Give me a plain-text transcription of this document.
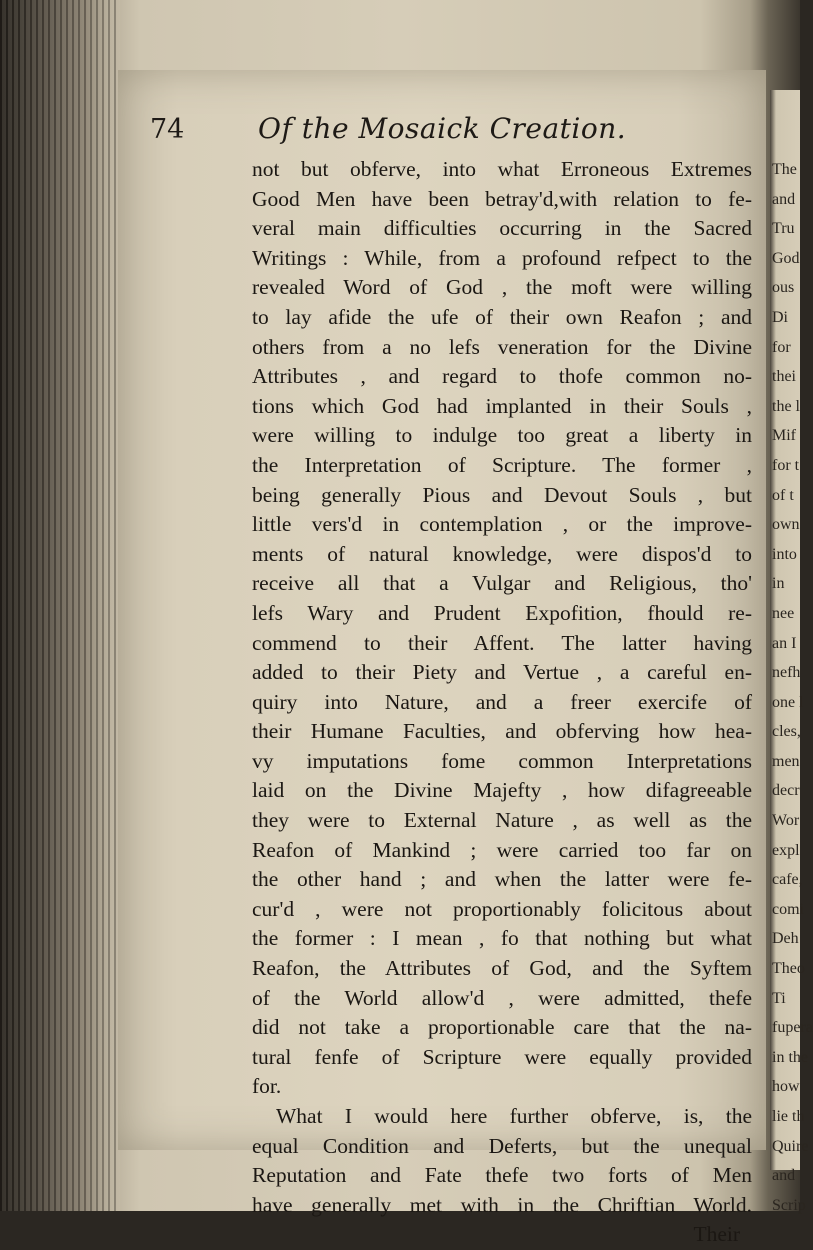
74	Of the Mosaick Creation.
not but obferve, into what Erroneous Extremes
Good Men have been betray'd,with relation to fe-
veral main difficulties occurring in the Sacred
Writings : While, from a profound refpect to the
revealed Word of God , the moft were willing
to lay afide the ufe of their own Reafon ; and
others from a no lefs veneration for the Divine
Attributes , and regard to thofe common no-
tions which God had implanted in their Souls ,
were willing to indulge too great a liberty in
the Interpretation of Scripture. The former ,
being generally Pious and Devout Souls , but
little vers'd in contemplation , or the improve-
ments of natural knowledge, were dispos'd to
receive all that a Vulgar and Religious, tho'
lefs Wary and Prudent Expofition, fhould re-
commend to their Affent. The latter having
added to their Piety and Vertue , a careful en-
quiry into Nature, and a freer exercife of
their Humane Faculties, and obferving how hea-
vy imputations fome common Interpretations
laid on the Divine Majefty , how difagreeable
they were to External Nature , as well as the
Reafon of Mankind ; were carried too far on
the other hand ; and when the latter were fe-
cur'd , were not proportionably folicitous about
the former : I mean , fo that nothing but what
Reafon, the Attributes of God, and the Syftem
of the World allow'd , were admitted, thefe
did not take a proportionable care that the na-
tural fenfe of Scripture were equally provided
for.
What I would here further obferve, is, the
equal Condition and Deferts, but the unequal
Reputation and Fate thefe two forts of Men
have generally met with in the Chriftian World.
Their
The
and
Tru
God
ous
Di
for
thei
the l
Mif
for t
of t
own
into
in
nee
an I
nefh
one l
cles,
men
decr
Wor
expl
cafe,
comi
Deh
Theo
Ti
fupera
in the
how
lie th
Quire
and
Scrip
